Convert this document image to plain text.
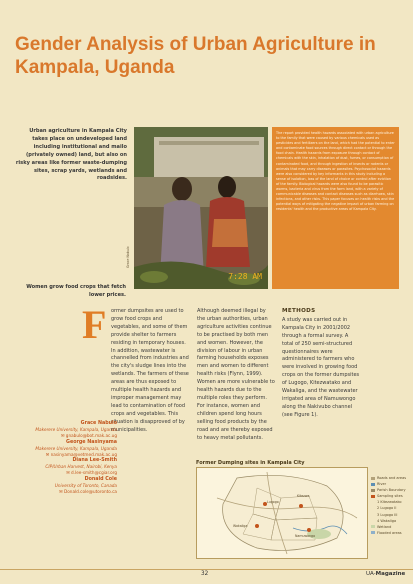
Gender Analysis of Urban Agriculture in Kampala, Uganda
Urban agriculture in Kampala City takes place on undeveloped land including institutional and mailo (privately owned) land, but also on risky areas like former waste-dumping sites, scrap yards, wetlands and roadsides.
7:28 AM
Grace Nabulo
The report provided health hazards associated with urban agriculture to the family that were caused by various chemicals used as pesticides and fertilizers on the land, which had the potential to enter and contaminate food sources through direct contact or through the food chain. Health hazards from exposure through contact of chemicals with the skin, inhalation of dust, fumes, or consumption of contaminated food, and through ingestion of insects or rodents or animals that may carry diseases or parasites. Psychosocial hazards were also considered by key informants in this study including a sense of isolation, loss of the land of choice or control after eviction of the family. Biological hazards were also found to be parasitic worms, bacteria and virus from the farm land, with a variety of communicable diseases and contact diseases such as diarrhoea, skin infections, and other risks. This paper focuses on health risks and the potential ways of mitigating the negative impact of urban farming on residents' health and the productive areas of Kampala City.
Women grow food crops that fetch lower prices.
F ormer dumpsites are used to grow food crops and vegetables, and some of them provide shelter to farmers residing in temporary houses. In addition, wastewater is channelled from industries and the city's sludge lines into the wetlands. The farmers of these areas are thus exposed to multiple health hazards and improper management may lead to contamination of food crops and vegetables. This situation is disapproved of by municipalities.
Although deemed illegal by the urban authorities, urban agriculture activities continue to be practised by both men and women. However, the division of labour in urban farming households exposes men and women to different health risks (Flynn, 1999). Women are more vulnerable to health hazards due to the multiple roles they perform. For instance, women and children spend long hours selling food products by the road and are thereby exposed to heavy metal pollutants.
METHODS
A study was carried out in Kampala City in 2001/2002 through a formal survey. A total of 250 semi-structured questionnaires were administered to farmers who were involved in growing food crops on the former dumpsites of Lugogo, Kitezwatako and Wakaliga, and the wastewater irrigated area of Namuwongo along the Nakivubo channel (see Figure 1).
Grace Nabulo
Makerere University, Kampala, Uganda
✉ gnabulo@bot.mak.ac.ug
George Nasinyama
Makerere University, Kampala, Uganda
✉ nasinyama@vetmed.mak.ac.ug
Diana Lee-Smith
CIP/Urban Harvest, Nairobi, Kenya
✉ d.lee-smith@cgiar.org
Donald Cole
University of Toronto, Canada
✉ Donald.cole@utoronto.ca
Former Dumping sites in Kampala City
Lugogo
Kitezwa
Namuwongo
Wakaliga
Roads and areas
River
Parish Boundary
Sampling sites
1 Kitezwatako
2 Lugogo II
3 Lugogo III
4 Wakaliga
Wetland
Flooded areas
32	UA-Magazine
